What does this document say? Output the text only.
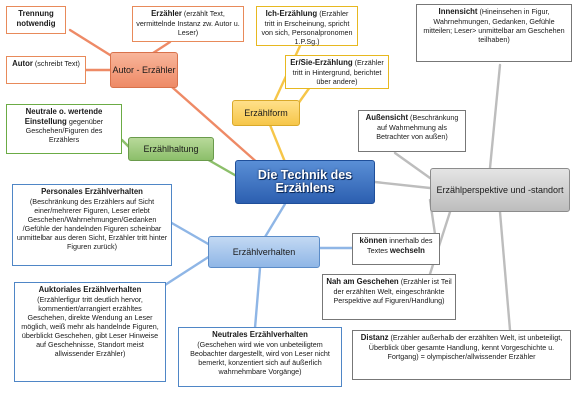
Trennung notwendig
Autor (schreibt Text)
Erzähler (erzählt Text, vermittelnde Instanz zw. Autor u. Leser)
Autor - Erzähler
Ich-Erzählung (Erzähler tritt in Erscheinung, spricht von sich, Personalpronomen 1.P.Sg.)
Er/Sie-Erzählung (Erzähler tritt in Hintergrund, berichtet über andere)
Erzählform
Neutrale o. wertende Einstellung gegenüber Geschehen/Figuren des Erzählers
Erzählhaltung
Die Technik des Erzählens
Innensicht (Hineinsehen in Figur, Wahrnehmungen, Gedanken, Gefühle mitteilen; Leser> unmittelbar am Geschehen teilhaben)
Außensicht (Beschränkung auf Wahrnehmung als Betrachter von außen)
Erzählperspektive und -standort
können innerhalb des Textes wechseln
Nah am Geschehen (Erzähler ist Teil der erzählten Welt, eingeschränkte Perspektive auf Figuren/Handlung)
Distanz (Erzähler außerhalb der erzählten Welt, ist unbeteiligt, Überblick über gesamte Handlung, kennt Vorgeschichte u. Fortgang) = olympischer/allwissender Erzähler
Personales Erzählverhalten
(Beschränkung des Erzählers auf Sicht einer/mehrerer Figuren, Leser erlebt Geschehen/Wahrnehmungen/Gedanken /Gefühle der handelnden Figuren scheinbar unmittelbar aus deren Sicht, Erzähler tritt hinter Figuren zurück)
Erzählverhalten
Auktoriales Erzählverhalten
(Erzählerfigur tritt deutlich hervor, kommentiert/arrangiert erzähltes Geschehen, direkte Wendung an Leser möglich, weiß mehr als handelnde Figuren, überblickt Geschehen, gibt Leser Hinweise auf Geschehnisse, Standort meist allwissender Erzähler)
Neutrales Erzählverhalten
(Geschehen wird wie von unbeteiligtem Beobachter dargestellt, wird von Leser nicht bemerkt, konzentiert sich auf äußerlich wahrnehmbare Vorgänge)
